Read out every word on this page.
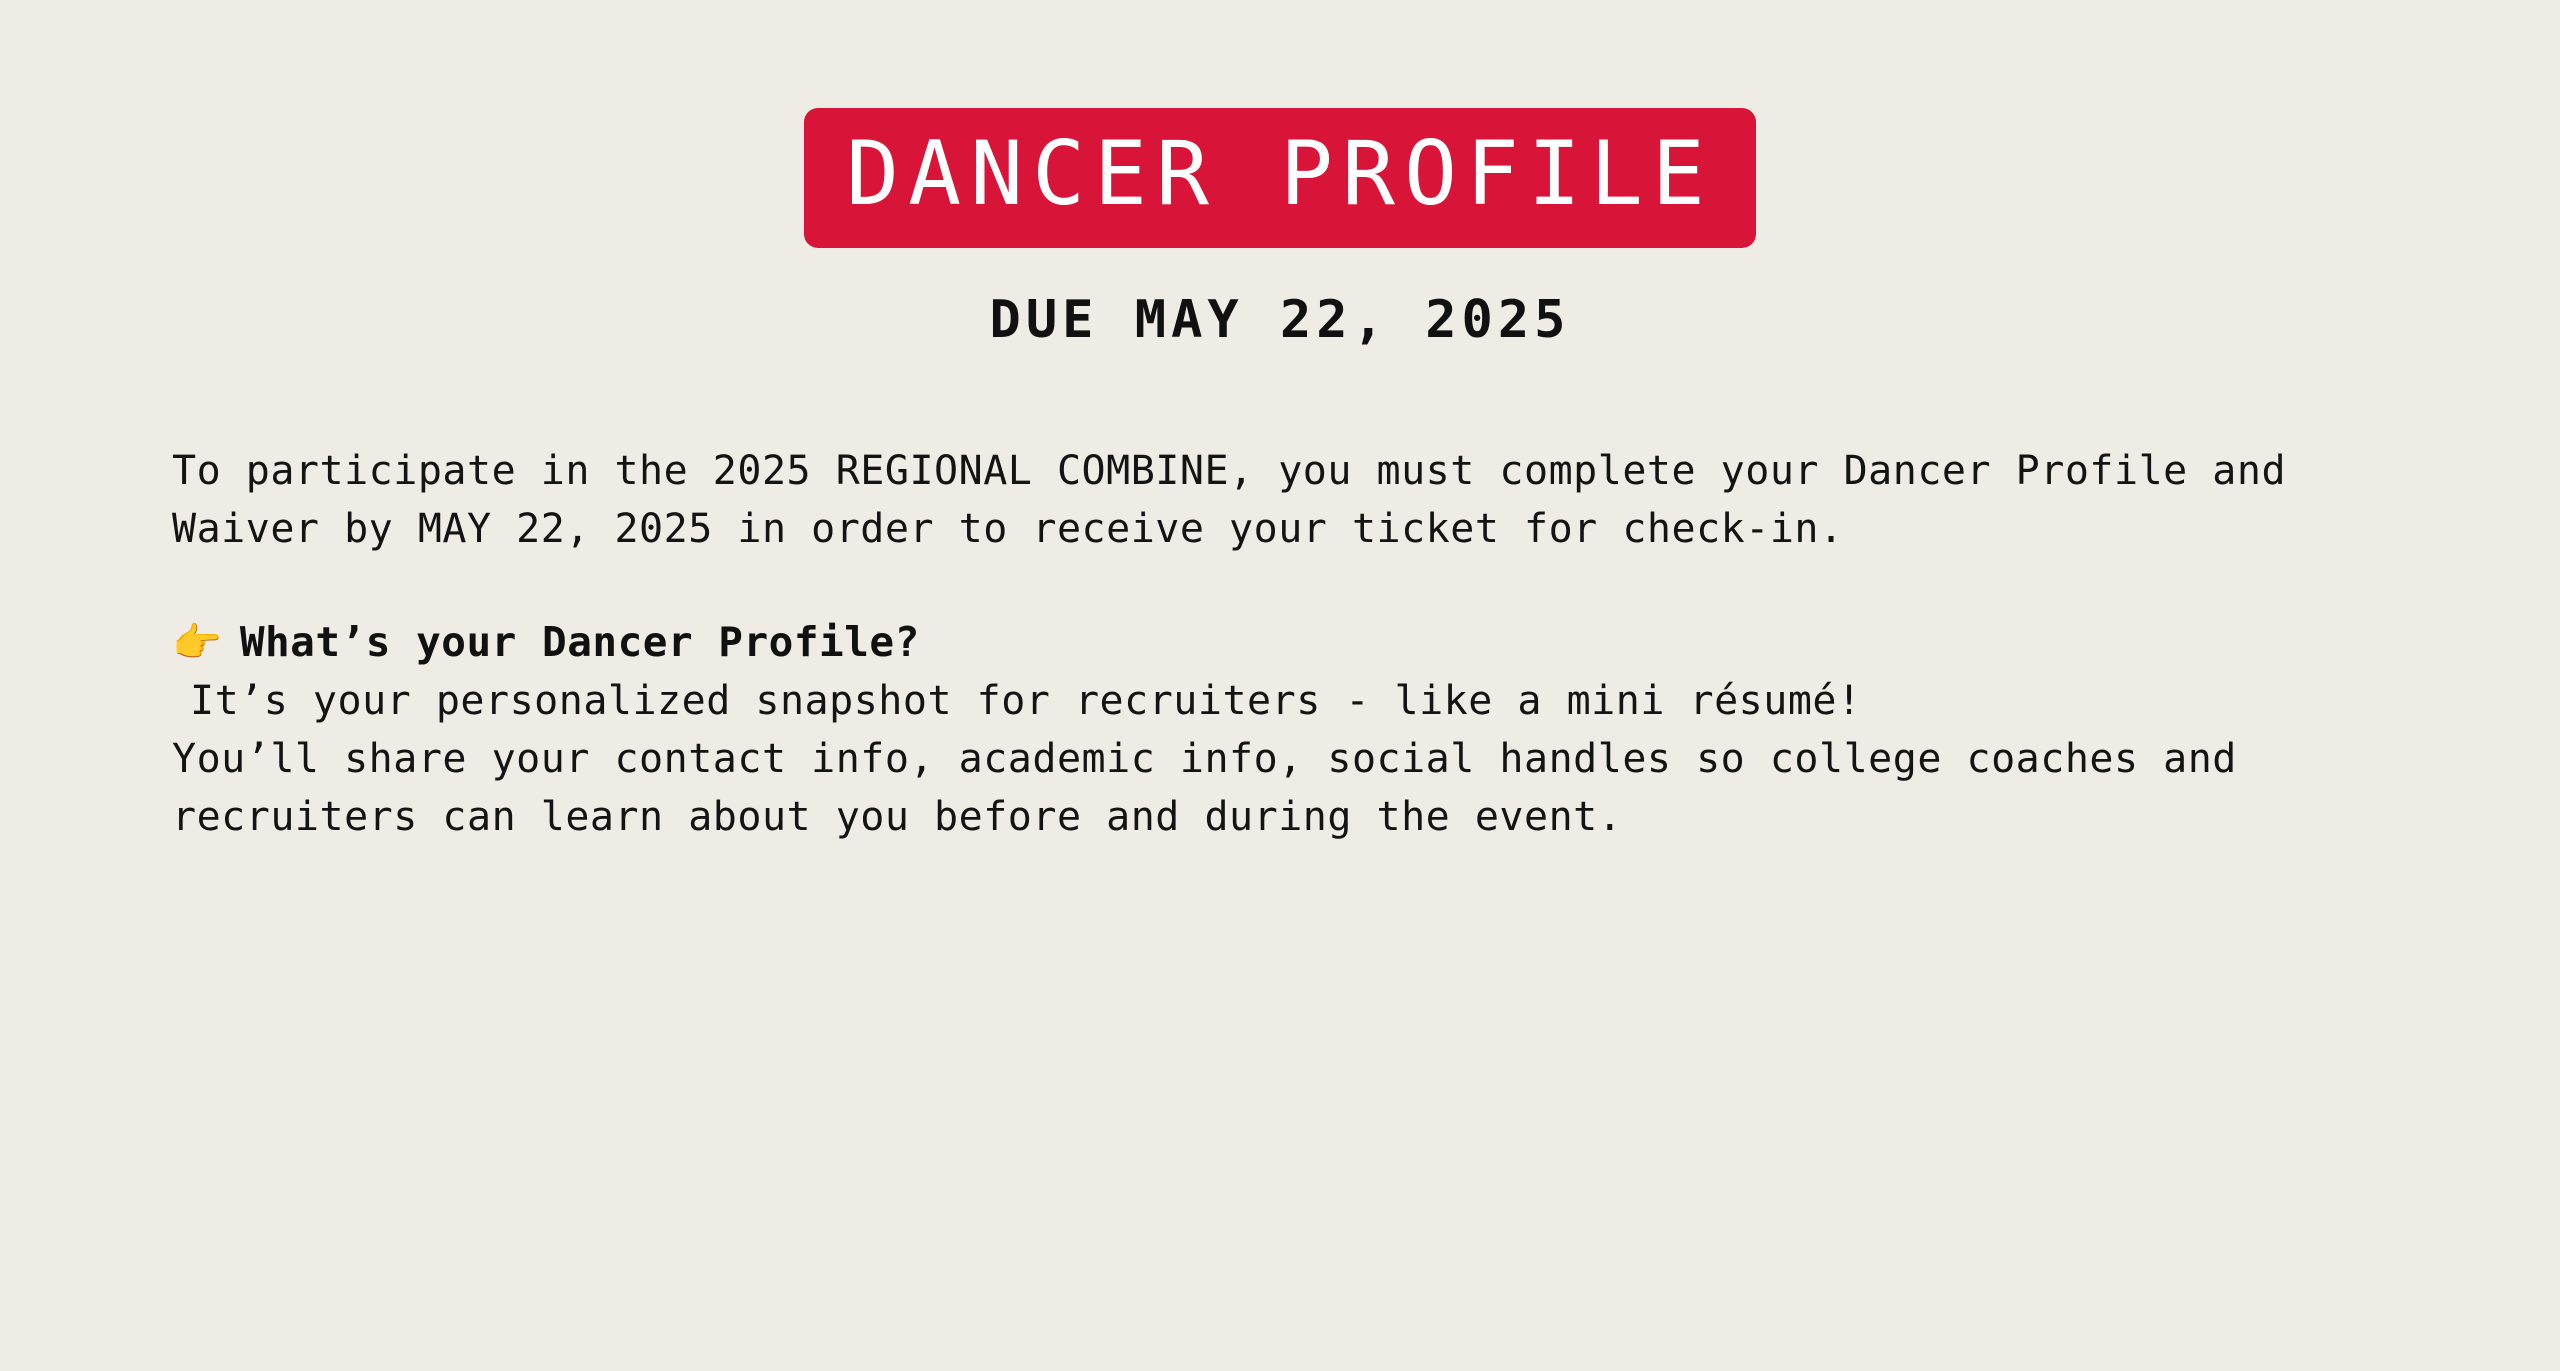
DANCER PROFILE
DUE MAY 22, 2025
To participate in the 2025 REGIONAL COMBINE, you must complete your Dancer Profile and Waiver by MAY 22, 2025 in order to receive your ticket for check-in.
👉 What’s your Dancer Profile?
It’s your personalized snapshot for recruiters - like a mini résumé!
You’ll share your contact info, academic info, social handles so college coaches and recruiters can learn about you before and during the event.
